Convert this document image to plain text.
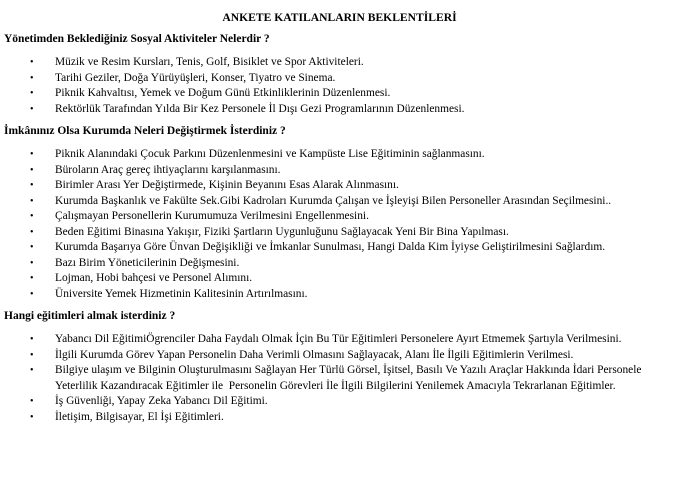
ANKETE KATILANLARIN BEKLENTİLERİ

Yönetimden Beklediğiniz Sosyal Aktiviteler Nelerdir ?

• Müzik ve Resim Kursları, Tenis, Golf, Bisiklet ve Spor Aktiviteleri.
• Tarihi Geziler, Doğa Yürüyüşleri, Konser, Tiyatro ve Sinema.
• Piknik Kahvaltısı, Yemek ve Doğum Günü Etkinliklerinin Düzenlenmesi.
• Rektörlük Tarafından Yılda Bir Kez Personele İl Dışı Gezi Programlarının Düzenlenmesi.

İmkânınız Olsa Kurumda Neleri Değiştirmek İsterdiniz ?

• Piknik Alanındaki Çocuk Parkını Düzenlenmesini ve Kampüste Lise Eğitiminin sağlanmasını.
• Büroların Araç gereç ihtiyaçlarını karşılanmasını.
• Birimler Arası Yer Değiştirmede, Kişinin Beyanını Esas Alarak Alınmasını.
• Kurumda Başkanlık ve Fakülte Sek.Gibi Kadroları Kurumda Çalışan ve İşleyişi Bilen Personeller Arasından Seçilmesini..
• Çalışmayan Personellerin Kurumumuza Verilmesini Engellenmesini.
• Beden Eğitimi Binasına Yakışır, Fiziki Şartların Uygunluğunu Sağlayacak Yeni Bir Bina Yapılması.
• Kurumda Başarıya Göre Ünvan Değişikliği ve İmkanlar Sunulması, Hangi Dalda Kim İyiyse Geliştirilmesini Sağlardım.
• Bazı Birim Yöneticilerinin Değişmesini.
• Lojman, Hobi bahçesi ve Personel Alımını.
• Üniversite Yemek Hizmetinin Kalitesinin Artırılmasını.

Hangi eğitimleri almak isterdiniz ?

• Yabancı Dil EğitimiÖgrenciler Daha Faydalı Olmak İçin Bu Tür Eğitimleri Personelere Ayırt Etmemek Şartıyla Verilmesini.
• İlgili Kurumda Görev Yapan Personelin Daha Verimli Olmasını Sağlayacak, Alanı İle İlgili Eğitimlerin Verilmesi.
• Bilgiye ulaşım ve Bilginin Oluşturulmasını Sağlayan Her Türlü Görsel, İşitsel, Basılı Ve Yazılı Araçlar Hakkında İdari Personele
Yeterlilik Kazandıracak Eğitimler ile  Personelin Görevleri İle İlgili Bilgilerini Yenilemek Amacıyla Tekrarlanan Eğitimler.
• İş Güvenliği, Yapay Zeka Yabancı Dil Eğitimi.
• İletişim, Bilgisayar, El İşi Eğitimleri.
